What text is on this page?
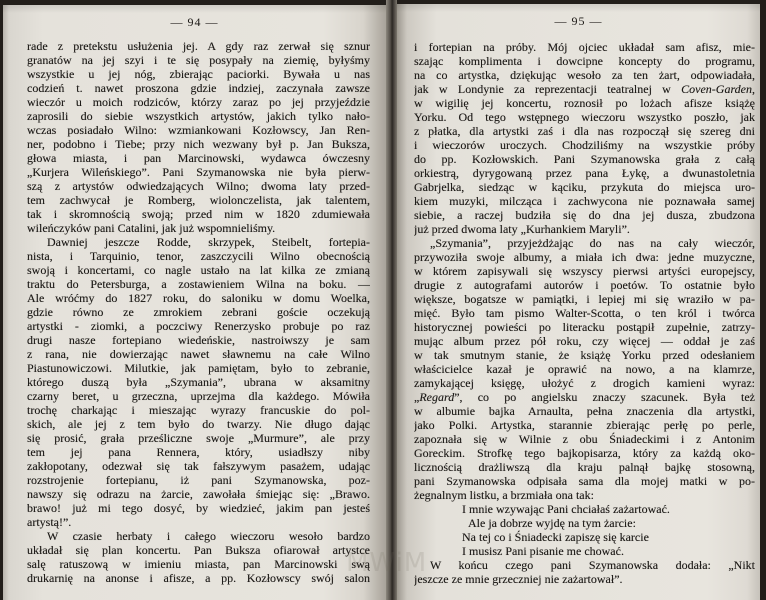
— 94 —
rade z pretekstu usłużenia jej. A gdy raz zerwał się sznur
granatów na jej szyi i te się posypały na ziemię, byłyśmy
wszystkie u jej nóg, zbierając paciorki. Bywała u nas
codzień t. nawet proszona gdzie indziej, zaczynała zawsze
wieczór u moich rodziców, którzy zaraz po jej przyjeździe
zaprosili do siebie wszystkich artystów, jakich tylko nało-
wczas posiadało Wilno: wzmiankowani Kozłowscy, Jan Ren-
ner, podobno i Tiebe; przy nich wezwany był p. Jan Buksza,
głowa miasta, i pan Marcinowski, wydawca ówczesny
„Kurjera Wileńskiego”. Pani Szymanowska nie była pierw-
szą z artystów odwiedzających Wilno; dwoma laty przed-
tem zachwycał je Romberg, wiolonczelista, jak talentem,
tak i skromnością swoją; przed nim w 1820 zdumiewała
wileńczyków pani Catalini, jak już wspomnieliśmy.
Dawniej jeszcze Rodde, skrzypek, Steibelt, fortepia-
nista, i Tarquinio, tenor, zaszczycili Wilno obecnością
swoją i koncertami, co nagle ustało na lat kilka ze zmianą
traktu do Petersburga, a zostawieniem Wilna na boku. —
Ale wróćmy do 1827 roku, do saloniku w domu Woelka,
gdzie równo ze zmrokiem zebrani goście oczekują
artystki - ziomki, a poczciwy Renerzysko probuje po raz
drugi nasze fortepiano wiedeńskie, nastroiwszy je sam
z rana, nie dowierzając nawet sławnemu na całe Wilno
Piastunowiczowi. Milutkie, jak pamiętam, było to zebranie,
którego duszą była „Szymania”, ubrana w aksamitny
czarny beret, u grzeczna, uprzejma dla każdego. Mówiła
trochę charkając i mieszając wyrazy francuskie do pol-
skich, ale jej z tem było do twarzy. Nie długo dając
się prosić, grała prześliczne swoje „Murmure”, ale przy
tem jej pana Rennera, który, usiadłszy niby
zakłopotany, odezwał się tak fałszywym pasażem, udając
rozstrojenie fortepianu, iż pani Szymanowska, poz-
nawszy się odrazu na żarcie, zawołała śmiejąc się: „Brawo.
brawo! już mi tego dosyć, by wiedzieć, jakim pan jesteś
artystą!”.
W czasie herbaty i całego wieczoru wesoło bardzo
układał się plan koncertu. Pan Buksza ofiarował artystce
salę ratuszową w imieniu miasta, pan Marcinowski swą
drukarnię na anonse i afisze, a pp. Kozłowscy swój salon
— 95 —
i fortepian na próby. Mój ojciec układał sam afisz, mie-
szając komplimenta i dowcipne koncepty do programu,
na co artystka, dziękując wesoło za ten żart, odpowiadała,
jak w Londynie za reprezentacji teatralnej w Coven-Garden,
w wigilię jej koncertu, roznosił po lożach afisze książę
Yorku. Od tego wstępnego wieczoru wszystko poszło, jak
z płatka, dla artystki zaś i dla nas rozpoczął się szereg dni
i wieczorów uroczych. Chodziliśmy na wszystkie próby
do pp. Kozłowskich. Pani Szymanowska grała z całą
orkiestrą, dyrygowaną przez pana Łykę, a dwunastoletnia
Gabrjelka, siedząc w kąciku, przykuta do miejsca uro-
kiem muzyki, milcząca i zachwycona nie poznawała samej
siebie, a raczej budziła się do dna jej dusza, zbudzona
już przed dwoma laty „Kurhankiem Maryli”.
„Szymania”, przyjeżdżając do nas na cały wieczór,
przywoziła swoje albumy, a miała ich dwa: jedne muzyczne,
w którem zapisywali się wszyscy pierwsi artyści europejscy,
drugie z autografami autorów i poetów. To ostatnie było
większe, bogatsze w pamiątki, i lepiej mi się wraziło w pa-
mięć. Było tam pismo Walter-Scotta, o ten król i twórca
historycznej powieści po literacku postąpił zupełnie, zatrzy-
mując album przez pół roku, czy więcej — oddał je zaś
w tak smutnym stanie, że książę Yorku przed odesłaniem
właścicielce kazał je oprawić na nowo, a na klamrze,
zamykającej księgę, ułożyć z drogich kamieni wyraz:
„Regard”, co po angielsku znaczy szacunek. Była też
w albumie bajka Arnaulta, pełna znaczenia dla artystki,
jako Polki. Artystka, starannie zbierając perłę po perle,
zapoznała się w Wilnie z obu Śniadeckimi i z Antonim
Goreckim. Strofkę tego bajkopisarza, który za każdą oko-
licznością drażliwszą dla kraju palnął bajkę stosowną,
pani Szymanowska odpisała sama dla mojej matki w po-
żegnalnym listku, a brzmiała ona tak:
I mnie wzywając Pani chciałaś zażartować.
Ale ja dobrze wyjdę na tym żarcie:
Na tej co i Śniadecki zapiszę się karcie
I musisz Pani pisanie me chować.
W końcu czego pani Szymanowska dodała: „Nikt
jeszcze ze mnie grzeczniej nie zażartował”.
